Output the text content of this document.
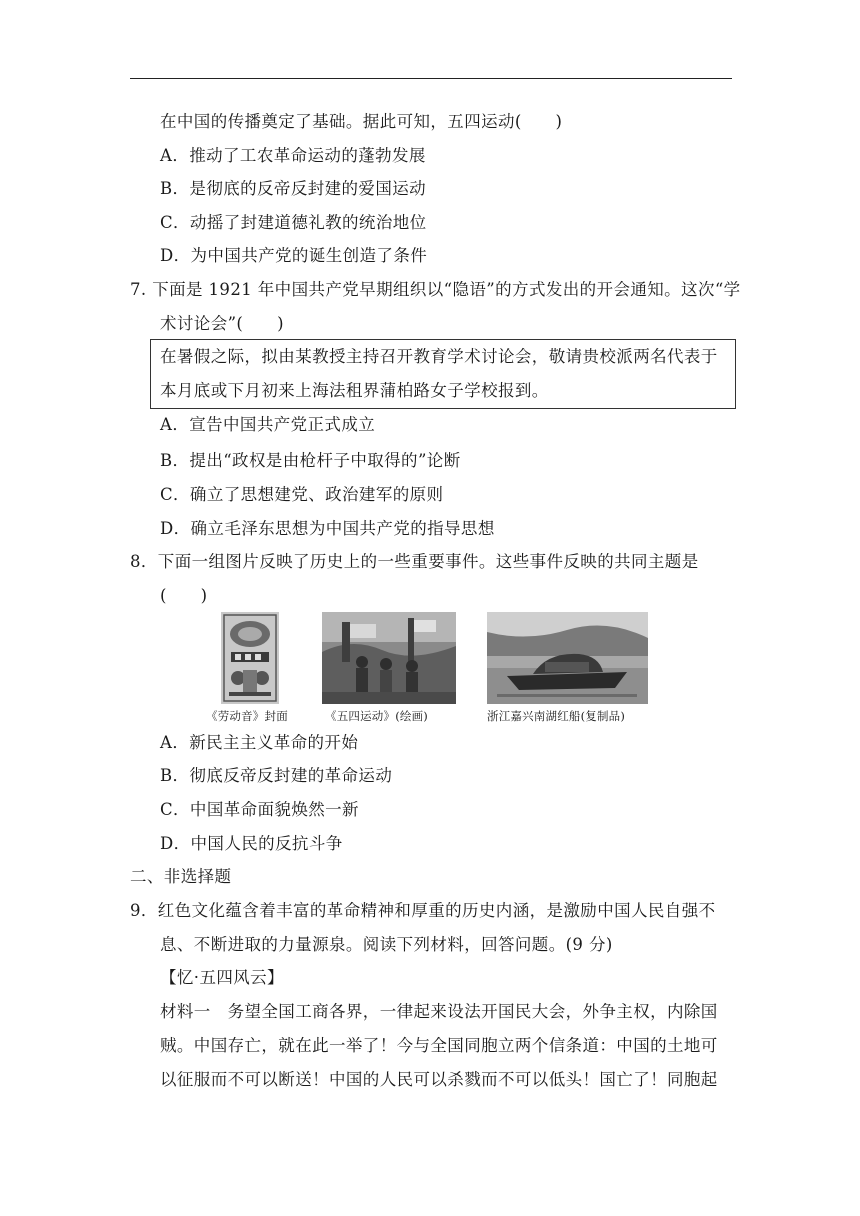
在中国的传播奠定了基础。据此可知，五四运动(　　)
A．推动了工农革命运动的蓬勃发展
B．是彻底的反帝反封建的爱国运动
C．动摇了封建道德礼教的统治地位
D．为中国共产党的诞生创造了条件
7. 下面是 1921 年中国共产党早期组织以“隐语”的方式发出的开会通知。这次“学
术讨论会”(　　)
在暑假之际，拟由某教授主持召开教育学术讨论会，敬请贵校派两名代表于
本月底或下月初来上海法租界蒲柏路女子学校报到。
A．宣告中国共产党正式成立
B．提出“政权是由枪杆子中取得的”论断
C．确立了思想建党、政治建军的原则
D．确立毛泽东思想为中国共产党的指导思想
8．下面一组图片反映了历史上的一些重要事件。这些事件反映的共同主题是
(　　)
《劳动音》封面	《五四运动》(绘画)	浙江嘉兴南湖红船(复制品)
A．新民主主义革命的开始
B．彻底反帝反封建的革命运动
C．中国革命面貌焕然一新
D．中国人民的反抗斗争
二、非选择题
9．红色文化蕴含着丰富的革命精神和厚重的历史内涵，是激励中国人民自强不
息、不断进取的力量源泉。阅读下列材料，回答问题。(9 分)
【忆·五四风云】
材料一　务望全国工商各界，一律起来设法开国民大会，外争主权，内除国
贼。中国存亡，就在此一举了！今与全国同胞立两个信条道：中国的土地可
以征服而不可以断送！中国的人民可以杀戮而不可以低头！国亡了！同胞起
